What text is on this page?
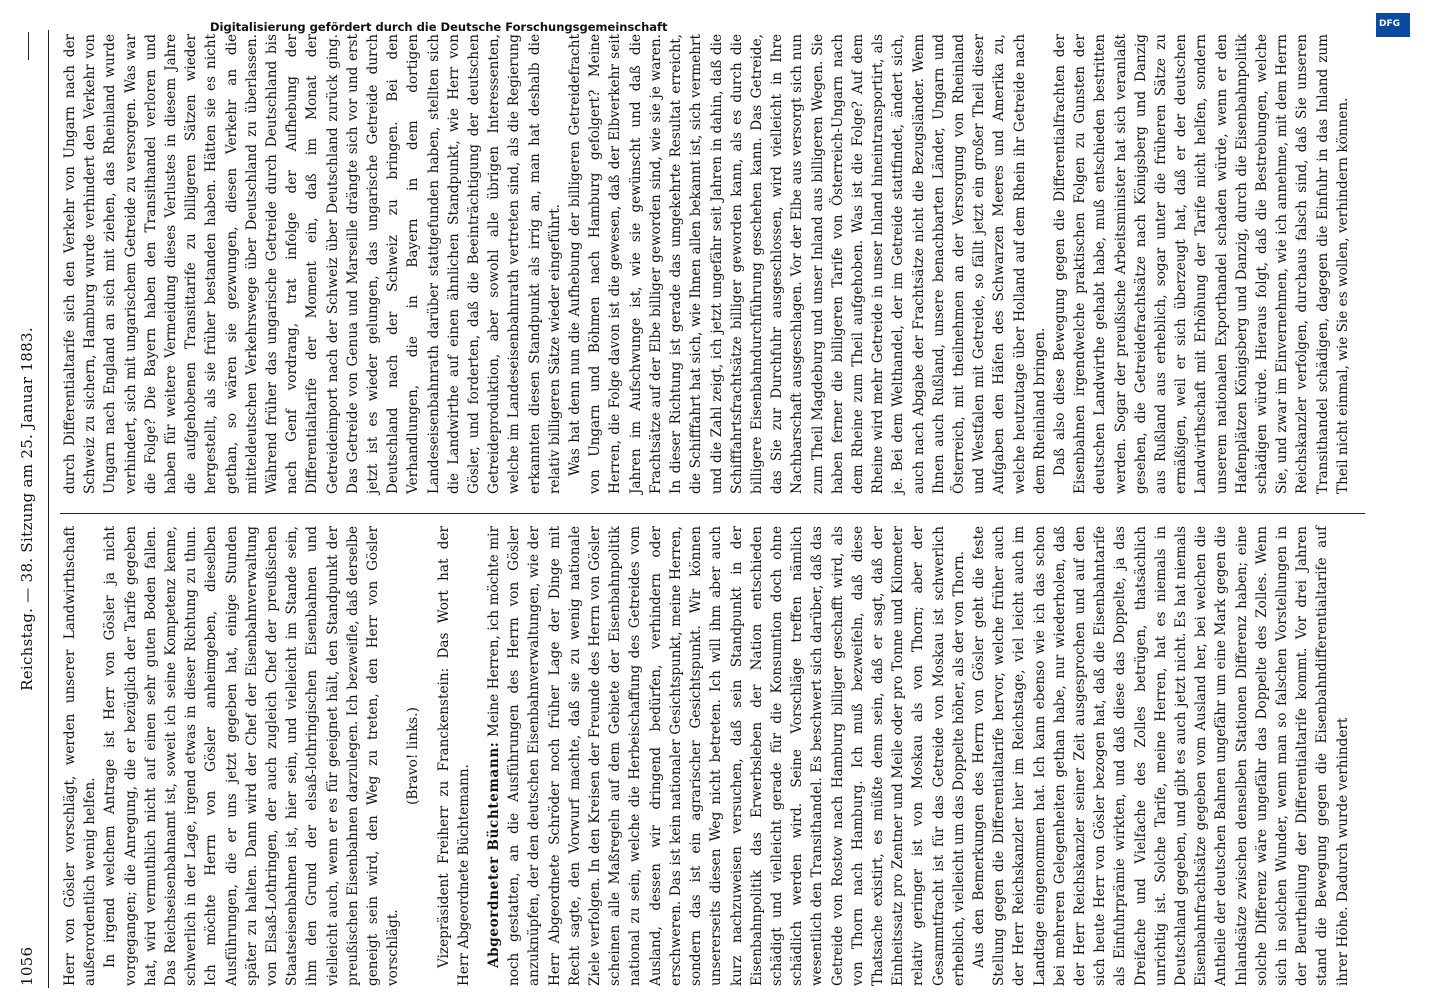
1056
Reichstag. — 38. Sitzung am 25. Januar 1883.

Herr von Gösler vorschlägt, werden unserer Landwirthschaft außerordentlich wenig helfen. In irgend welchem Antrage ist Herr von Gösler ja nicht vorgegangen; die Anregung, die er bezüglich der Tarife gegeben hat, wird vermuthlich nicht auf einen sehr guten Boden fallen. Das Reichseisenbahnamt ist, soweit ich seine Kompetenz kenne, schwerlich in der Lage, irgend etwas in dieser Richtung zu thun. Ich möchte Herrn von Gösler anheimgeben, dieselben Ausführungen, die er uns jetzt gegeben hat, einige Stunden später zu halten. Dann wird der Chef der Eisenbahnverwaltung von Elsaß-Lothringen, der auch zugleich Chef der preußischen Staatseisenbahnen ist, hier sein, und vielleicht im Stande sein, ihm den Grund der elsaß-lothringischen Eisenbahnen und vielleicht auch, wenn er es für geeignet hält, den Standpunkt der preußischen Eisenbahnen darzulegen. Ich bezweifle, daß derselbe geneigt sein wird, den Weg zu treten, den Herr von Gösler vorschlägt.

(Bravo! links.) Vizepräsident Freiherr zu Franckenstein: Das Wort hat der Herr Abgeordnete Büchtemann. Abgeordneter Büchtemann: Meine Herren, ich möchte mir noch gestatten, an die Ausführungen des Herrn von Gösler anzuknüpfen, der den deutschen Eisenbahnverwaltungen, wie der Herr Abgeordnete Schröder noch früher Lage der Dinge mit Recht sagte, den Vorwurf machte, daß sie zu wenig nationale Ziele verfolgen. In den Kreisen der Freunde des Herrn von Gösler scheinen alle Maßregeln auf dem Gebiete der Eisenbahnpolitik national zu sein, welche die Herbeischaffung des Getreides vom Ausland, dessen wir dringend bedürfen, verhindern oder erschweren. Das ist kein nationaler Gesichtspunkt, meine Herren, sondern das ist ein agrarischer Gesichtspunkt. Wir können unsererseits diesen Weg nicht betreten. Ich will ihm aber auch kurz nachzuweisen versuchen, daß sein Standpunkt in der Eisenbahnpolitik das Erwerbsleben der Nation entschieden schädigt und vielleicht gerade für die Konsumtion doch ohne schädlich werden wird. Seine Vorschläge treffen nämlich wesentlich den Transithandel. Es beschwert sich darüber, daß das Getreide von Rostow nach Hamburg billiger geschafft wird, als von Thorn nach Hamburg. Ich muß bezweifeln, daß diese Thatsache existirt, es müßte denn sein, daß er sagt, daß der Einheitssatz pro Zentner und Meile oder pro Tonne und Kilometer relativ geringer ist von Moskau als von Thorn; aber der Gesammtfracht ist für das Getreide von Moskau ist schwerlich erheblich, vielleicht um das Doppelte höher, als der von Thorn. Aus den Bemerkungen des Herrn von Gösler geht die feste Stellung gegen die Differentialtarife hervor, welche früher auch der Herr Reichskanzler hier im Reichstage, viel leicht auch im Landtage eingenommen hat. Ich kann ebenso wie ich das schon bei mehreren Gelegenheiten gethan habe, nur wiederholen, daß der Herr Reichskanzler seiner Zeit ausgesprochen und auf den sich heute Herr von Gösler bezogen hat, daß die Eisenbahntarife als Einfuhrprämie wirkten, und daß diese das Doppelte, ja das Dreifache und Vielfache des Zolles betrügen, thatsächlich unrichtig ist. Solche Tarife, meine Herren, hat es niemals in Deutschland gegeben, und gibt es auch jetzt nicht. Es hat niemals Eisenbahnfrachtsätze gegeben vom Ausland her, bei welchen die Antheile der deutschen Bahnen ungefähr um eine Mark gegen die Inlandsätze zwischen denselben Stationen Differenz haben; eine solche Differenz wäre ungefähr das Doppelte des Zolles. Wenn sich in solchen Wunder, wenn man so falschen Vorstellungen in der Beurtheilung der Differentialtarife kommt. Vor drei Jahren stand die Bewegung gegen die Eisenbahndifferentialtarife auf ihrer Höhe. Dadurch wurde verhindert

durch Differentialtarife sich den Verkehr von Ungarn nach der Schweiz zu sichern, Hamburg wurde verhindert den Verkehr von Ungarn nach England an sich mit ziehen, das Rheinland wurde verhindert, sich mit ungarischem Getreide zu versorgen. Was war die Folge? Die Bayern haben den Transithandel verloren und haben für weitere Vermeidung dieses Verlustes in diesem Jahre die aufgehobenen Transittarife zu billigeren Sätzen wieder hergestellt, als sie früher bestanden haben. Hätten sie es nicht gethan, so wären sie gezwungen, diesen Verkehr an die mitteldeutschen Verkehrswege über Deutschland zu überlassen. Während früher das ungarische Getreide durch Deutschland bis nach Genf vordrang, trat infolge der Aufhebung der Differentialtarife der Moment ein, daß im Monat der Getreideimport nach der Schweiz über Deutschland zurück ging. Das Getreide von Genua und Marseille drängte sich vor und erst jetzt ist es wieder gelungen, das ungarische Getreide durch Deutschland nach der Schweiz zu bringen. Bei den Verhandlungen, die in Bayern in dem dortigen Landeseisenbahnrath darüber stattgefunden haben, stellten sich die Landwirthe auf einen ähnlichen Standpunkt, wie Herr von Gösler, und forderten, daß die Beeinträchtigung der deutschen Getreideproduktion, aber sowohl alle übrigen Interessenten, welche im Landeseisenbahnrath vertreten sind, als die Regierung erkannten diesen Standpunkt als irrig an, man hat deshalb die relativ billigeren Sätze wieder eingeführt. Was hat denn nun die Aufhebung der billigeren Getreidefracht von Ungarn und Böhmen nach Hamburg gefolgert? Meine Herren, die Folge davon ist die gewesen, daß der Elbverkehr seit Jahren im Aufschwunge ist, wie sie gewünscht und daß die Frachtsätze auf der Elbe billiger geworden sind, wie sie je waren. In dieser Richtung ist gerade das umgekehrte Resultat erreicht, die Schifffahrt hat sich, wie Ihnen allen bekannt ist, sich vermehrt und die Zahl zeigt, ich jetzt ungefähr seit Jahren in dahin, daß die Schifffahrtsfrachtsätze billiger geworden kann, als es durch die billigere Eisenbahndurchführung geschehen kann. Das Getreide, das Sie zur Durchfuhr ausgeschlossen, wird vielleicht in Ihre Nachbarschaft ausgeschlagen. Vor der Elbe aus versorgt sich nun zum Theil Magdeburg und unser Inland aus billigeren Wegen. Sie haben ferner die billigeren Tarife von Österreich-Ungarn nach dem Rheine zum Theil aufgehoben. Was ist die Folge? Auf dem Rheine wird mehr Getreide in unser Inland hineintransportirt, als je. Bei dem Welthandel, der im Getreide stattfindet, ändert sich, auch nach Abgabe der Frachtsätze nicht die Bezugsländer. Wenn Ihnen auch Rußland, unsere benachbarten Länder, Ungarn und Österreich, mit theilnehmen an der Versorgung von Rheinland und Westfalen mit Getreide, so fällt jetzt ein großer Theil dieser Aufgaben den Häfen des Schwarzen Meeres und Amerika zu, welche heutzutage über Holland auf dem Rhein ihr Getreide nach dem Rheinland bringen. Daß also diese Bewegung gegen die Differentialfrachten der Eisenbahnen irgendwelche praktischen Folgen zu Gunsten der deutschen Landwirthe gehabt habe, muß entschieden bestritten werden. Sogar der preußische Arbeitsminister hat sich veranlaßt gesehen, die Getreidefrachtsätze nach Königsberg und Danzig aus Rußland aus erheblich, sogar unter die früheren Sätze zu ermäßigen, weil er sich überzeugt hat, daß er der deutschen Landwirthschaft mit Erhöhung der Tarife nicht helfen, sondern unserem nationalen Exporthandel schaden würde, wenn er den Hafenplätzen Königsberg und Danzig, durch die Eisenbahnpolitik schädigen würde. Hieraus folgt, daß die Bestrebungen, welche Sie, und zwar im Einvernehmen, wie ich annehme, mit dem Herrn Reichskanzler verfolgen, durchaus falsch sind, daß Sie unseren Transithandel schädigen, dagegen die Einfuhr in das Inland zum Theil nicht einmal, wie Sie es wollen, verhindern können.

Digitalisierung gefördert durch die Deutsche Forschungsgemeinschaft	DFG
